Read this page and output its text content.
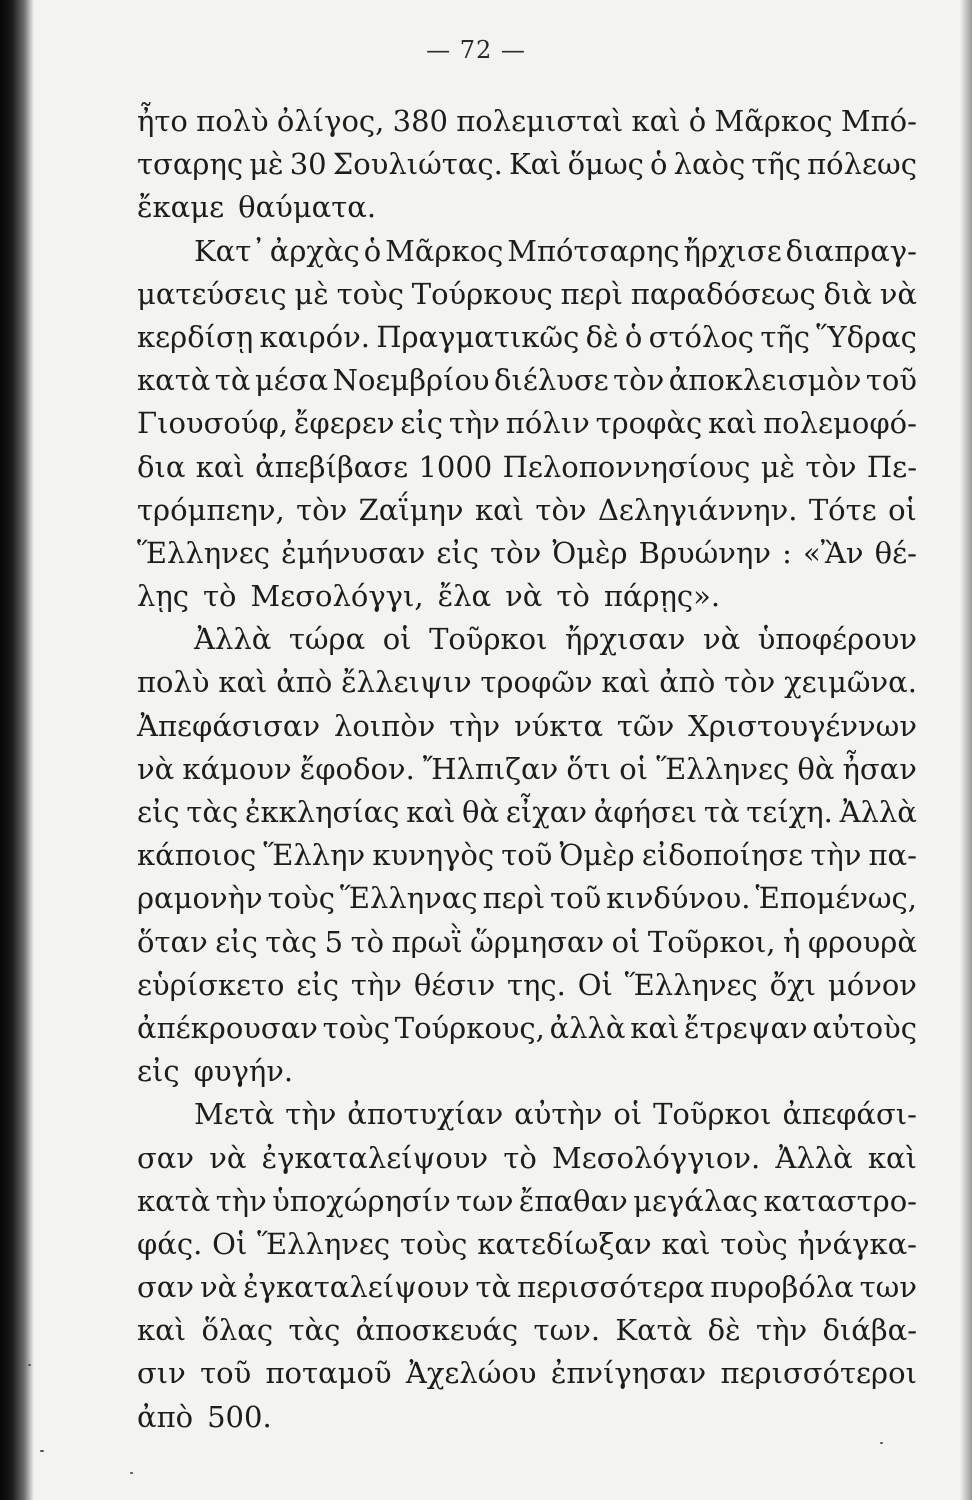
— 72 —
ἦτο πολὺ ὀλίγος, 380 πολεμισταὶ καὶ ὁ Μᾶρκος Μπό-
τσαρης μὲ 30 Σουλιώτας. Καὶ ὅμως ὁ λαὸς τῆς πόλεως
ἔκαμε θαύματα.
Κατ᾽ ἀρχὰς ὁ Μᾶρκος Μπότσαρης ἤρχισε διαπραγ-
ματεύσεις μὲ τοὺς Τούρκους περὶ παραδόσεως διὰ νὰ
κερδίσῃ καιρόν. Πραγματικῶς δὲ ὁ στόλος τῆς Ὕδρας
κατὰ τὰ μέσα Νοεμβρίου διέλυσε τὸν ἀποκλεισμὸν τοῦ
Γιουσούφ, ἔφερεν εἰς τὴν πόλιν τροφὰς καὶ πολεμοφό-
δια καὶ ἀπεβίβασε 1000 Πελοποννησίους μὲ τὸν Πε-
τρόμπεην, τὸν Ζαΐμην καὶ τὸν Δεληγιάννην. Τότε οἱ
Ἕλληνες ἐμήνυσαν εἰς τὸν Ὀμὲρ Βρυώνην : «Ἂν θέ-
λῃς τὸ Μεσολόγγι, ἔλα νὰ τὸ πάρῃς».
Ἀλλὰ τώρα οἱ Τοῦρκοι ἤρχισαν νὰ ὑποφέρουν
πολὺ καὶ ἀπὸ ἔλλειψιν τροφῶν καὶ ἀπὸ τὸν χειμῶνα.
Ἀπεφάσισαν λοιπὸν τὴν νύκτα τῶν Χριστουγέννων
νὰ κάμουν ἔφοδον. Ἤλπιζαν ὅτι οἱ Ἕλληνες θὰ ἦσαν
εἰς τὰς ἐκκλησίας καὶ θὰ εἶχαν ἀφήσει τὰ τείχη. Ἀλλὰ
κάποιος Ἕλλην κυνηγὸς τοῦ Ὀμὲρ εἰδοποίησε τὴν πα-
ραμονὴν τοὺς Ἕλληνας περὶ τοῦ κινδύνου. Ἑπομένως,
ὅταν εἰς τὰς 5 τὸ πρωῒ ὥρμησαν οἱ Τοῦρκοι, ἡ φρουρὰ
εὑρίσκετο εἰς τὴν θέσιν της. Οἱ Ἕλληνες ὄχι μόνον
ἀπέκρουσαν τοὺς Τούρκους, ἀλλὰ καὶ ἔτρεψαν αὐτοὺς
εἰς φυγήν.
Μετὰ τὴν ἀποτυχίαν αὐτὴν οἱ Τοῦρκοι ἀπεφάσι-
σαν νὰ ἐγκαταλείψουν τὸ Μεσολόγγιον. Ἀλλὰ καὶ
κατὰ τὴν ὑποχώρησίν των ἔπαθαν μεγάλας καταστρο-
φάς. Οἱ Ἕλληνες τοὺς κατεδίωξαν καὶ τοὺς ἠνάγκα-
σαν νὰ ἐγκαταλείψουν τὰ περισσότερα πυροβόλα των
καὶ ὅλας τὰς ἀποσκευάς των. Κατὰ δὲ τὴν διάβα-
σιν τοῦ ποταμοῦ Ἀχελώου ἐπνίγησαν περισσότεροι
ἀπὸ 500.
